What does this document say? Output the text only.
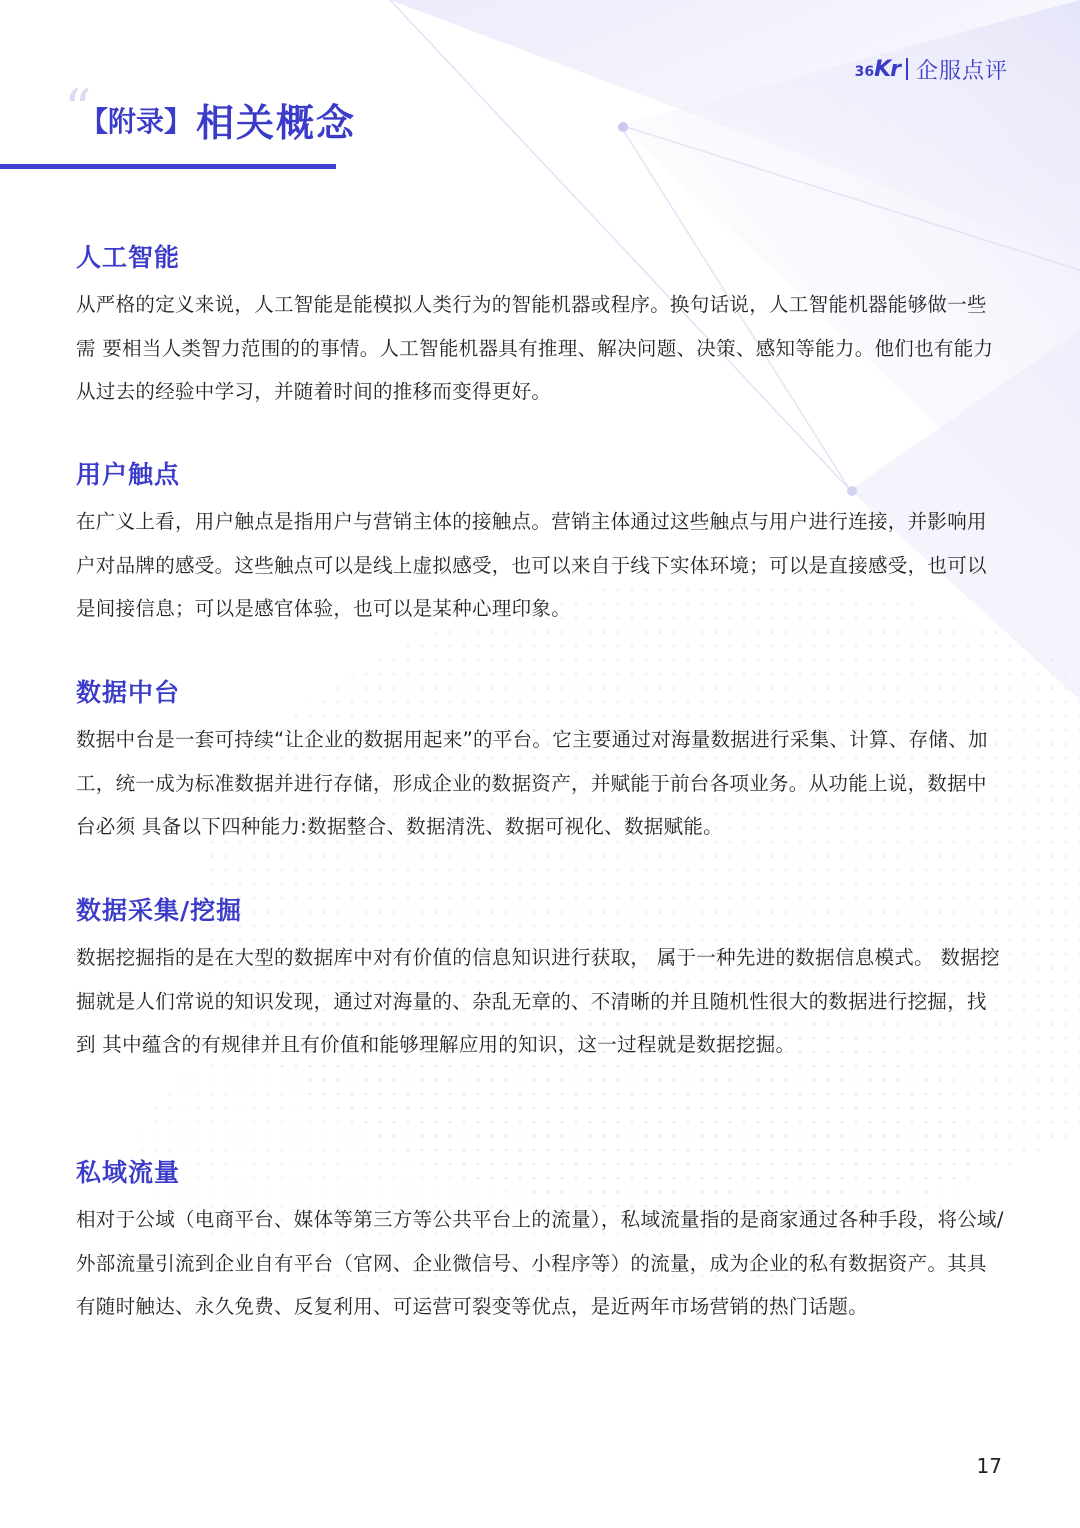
36Kr 企服点评
“
【附录】 相关概念
人工智能

从严格的定义来说，人工智能是能模拟人类行为的智能机器或程序。换句话说，人工智能机器能够做一些需 要相当人类智力范围的的事情。人工智能机器具有推理、解决问题、决策、感知等能力。他们也有能力从过去的经验中学习，并随着时间的推移而变得更好。

用户触点

在广义上看，用户触点是指用户与营销主体的接触点。营销主体通过这些触点与用户进行连接，并影响用户对品牌的感受。这些触点可以是线上虚拟感受，也可以来自于线下实体环境；可以是直接感受，也可以是间接信息；可以是感官体验，也可以是某种心理印象。

数据中台

数据中台是一套可持续“让企业的数据用起来”的平台。它主要通过对海量数据进行采集、计算、存储、加工，统一成为标准数据并进行存储，形成企业的数据资产，并赋能于前台各项业务。从功能上说，数据中台必须 具备以下四种能力:数据整合、数据清洗、数据可视化、数据赋能。

数据采集/挖掘

数据挖掘指的是在大型的数据库中对有价值的信息知识进行获取， 属于一种先进的数据信息模式。 数据挖掘就是人们常说的知识发现，通过对海量的、杂乱无章的、不清晰的并且随机性很大的数据进行挖掘，找到 其中蕴含的有规律并且有价值和能够理解应用的知识，这一过程就是数据挖掘。

私域流量

相对于公域（电商平台、媒体等第三方等公共平台上的流量），私域流量指的是商家通过各种手段，将公域/外部流量引流到企业自有平台（官网、企业微信号、小程序等）的流量，成为企业的私有数据资产。其具有随时触达、永久免费、反复利用、可运营可裂变等优点，是近两年市场营销的热门话题。

17
